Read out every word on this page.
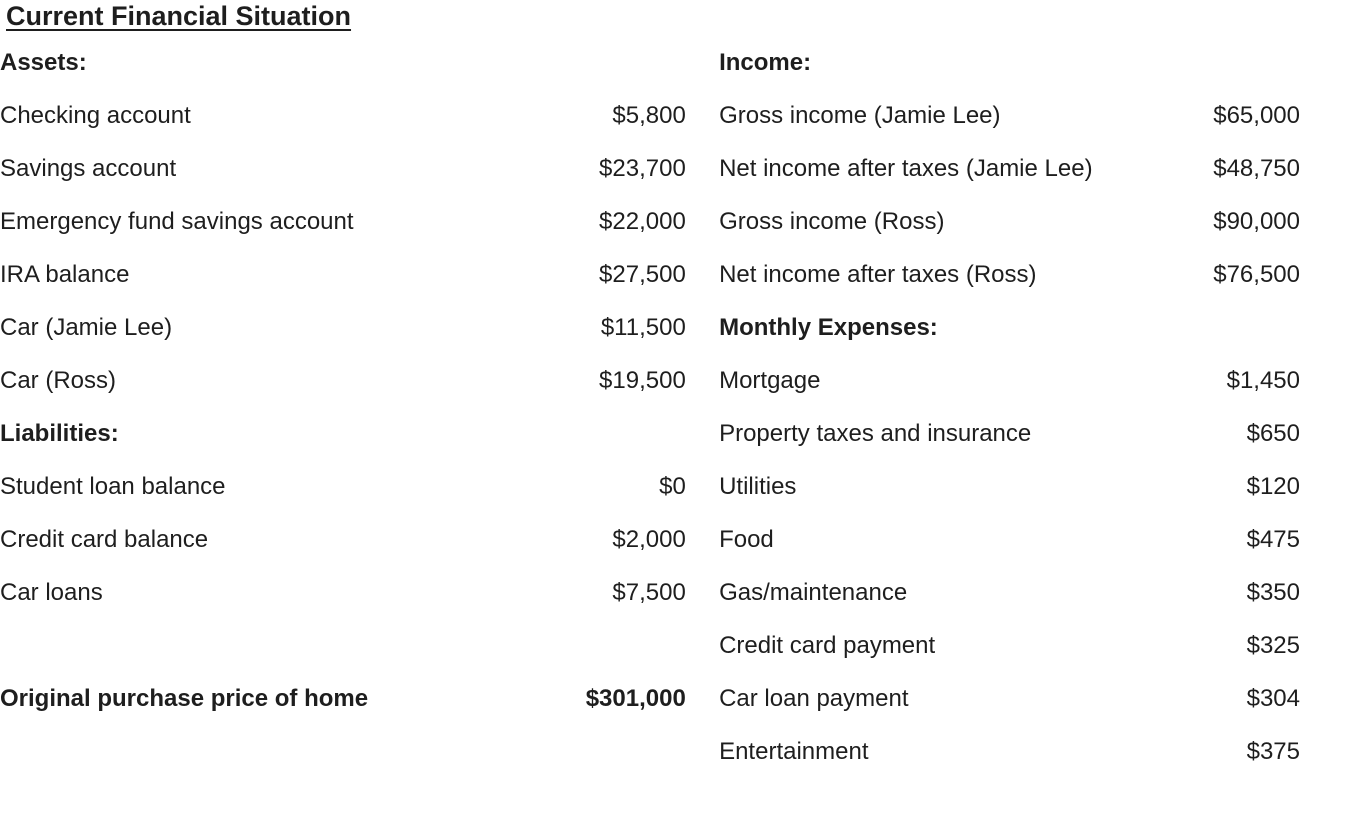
Current Financial Situation
Assets:			Income:	
Checking account	$5,800		Gross income (Jamie Lee)	$65,000
Savings account	$23,700		Net income after taxes (Jamie Lee)	$48,750
Emergency fund savings account	$22,000		Gross income (Ross)	$90,000
IRA balance	$27,500		Net income after taxes (Ross)	$76,500
Car (Jamie Lee)	$11,500		Monthly Expenses:	
Car (Ross)	$19,500		Mortgage	$1,450
Liabilities:			Property taxes and insurance	$650
Student loan balance	$0		Utilities	$120
Credit card balance	$2,000		Food	$475
Car loans	$7,500		Gas/maintenance	$350
			Credit card payment	$325
Original purchase price of home	$301,000		Car loan payment	$304
			Entertainment	$375
